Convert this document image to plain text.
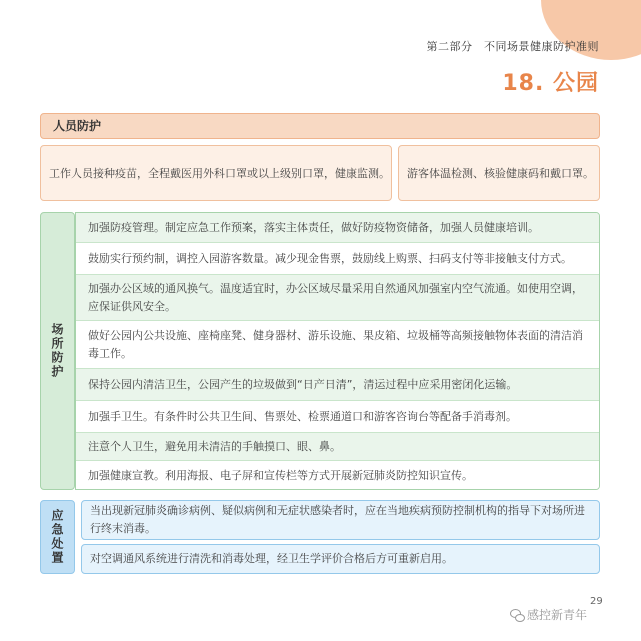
第二部分　不同场景健康防护准则
18. 公园
人员防护
工作人员接种疫苗，全程戴医用外科口罩或以上级别口罩，健康监测。	游客体温检测、核验健康码和戴口罩。
场所防护
加强防疫管理。制定应急工作预案，落实主体责任，做好防疫物资储备，加强人员健康培训。
鼓励实行预约制，调控入园游客数量。减少现金售票，鼓励线上购票、扫码支付等非接触支付方式。
加强办公区域的通风换气。温度适宜时，办公区域尽量采用自然通风加强室内空气流通。如使用空调，应保证供风安全。
做好公园内公共设施、座椅座凳、健身器材、游乐设施、果皮箱、垃圾桶等高频接触物体表面的清洁消毒工作。
保持公园内清洁卫生，公园产生的垃圾做到“日产日清”，清运过程中应采用密闭化运输。
加强手卫生。有条件时公共卫生间、售票处、检票通道口和游客咨询台等配备手消毒剂。
注意个人卫生，避免用未清洁的手触摸口、眼、鼻。
加强健康宣教。利用海报、电子屏和宣传栏等方式开展新冠肺炎防控知识宣传。
应急处置	当出现新冠肺炎确诊病例、疑似病例和无症状感染者时，应在当地疾病预防控制机构的指导下对场所进行终末消毒。
对空调通风系统进行清洗和消毒处理，经卫生学评价合格后方可重新启用。
29
感控新青年
